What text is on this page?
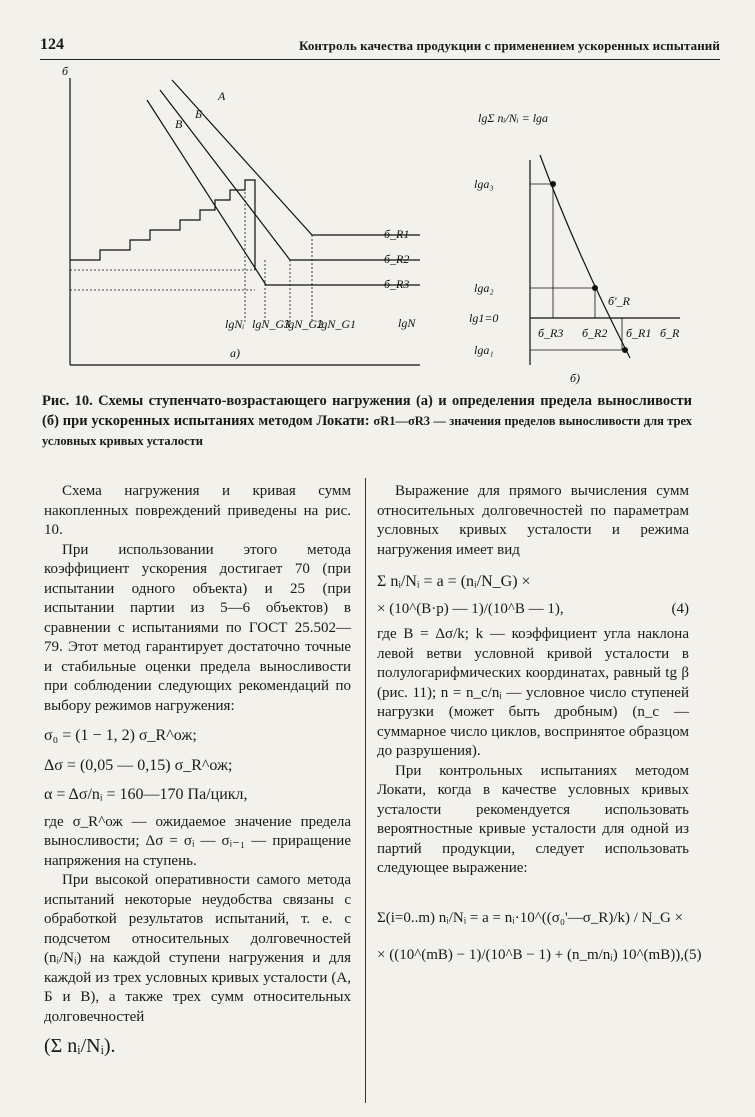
124	Контроль качества продукции с применением ускоренных испытаний
б
lgN
A
Б
В
б_R1
б_R2
б_R3
lgNᵢ lgN_G3
lgN_G2
lgN_G1
а)
lgΣ nᵢ/Nᵢ = lga
lga₃
lga₂
lg1=0
lga₁
б_R3 б_R2 б_R1 б_R
б'_R
б)
Рис. 10. Схемы ступенчато-возрастающего нагружения (а) и определения предела выносливости (б) при ускоренных испытаниях методом Локати: σR1—σR3 — значения пределов выносливости для трех условных кривых усталости

Схема нагружения и кривая сумм накопленных повреждений приведены на рис. 10.

При использовании этого метода коэффициент ускорения достигает 70 (при испытании одного объекта) и 25 (при испытании партии из 5—6 объектов) в сравнении с испытаниями по ГОСТ 25.502—79. Этот метод гарантирует достаточно точные и стабильные оценки предела выносливости при соблюдении следующих рекомендаций по выбору режимов нагружения:

σ₀ = (1 − 1, 2) σ_R^ож;
Δσ = (0,05 — 0,15) σ_R^ож;
α = Δσ/nᵢ = 160—170 Па/цикл,

где σ_R^ож — ожидаемое значение предела выносливости; Δσ = σᵢ — σᵢ₋₁ — приращение напряжения на ступень.

При высокой оперативности самого метода испытаний некоторые неудобства связаны с обработкой результатов испытаний, т. е. с подсчетом относительных долговечностей (nᵢ/Nᵢ) на каждой ступени нагружения и для каждой из трех условных кривых усталости (А, Б и В), а также трех сумм относительных долговечностей

(Σ nᵢ/Nᵢ).

Выражение для прямого вычисления сумм относительных долговечностей по параметрам условных кривых усталости и режима нагружения имеет вид

Σ nᵢ/Nᵢ = a = (nᵢ/N_G) ×
× (10^(B·p) — 1)/(10^B — 1),	(4)

где B = Δσ/k; k — коэффициент угла наклона левой ветви условной кривой усталости в полулогарифмических координатах, равный tg β (рис. 11); n = n_c/nᵢ — условное число ступеней нагрузки (может быть дробным) (n_c — суммарное число циклов, воспринятое образцом до разрушения).

При контрольных испытаниях методом Локати, когда в качестве условных кривых усталости рекомендуется использовать вероятностные кривые усталости для одной из партий продукции, следует использовать следующее выражение:

Σ(i=0..m) nᵢ/Nᵢ = a = nᵢ·10^((σ₀'—σ_R)/k) / N_G ×
× ((10^(mB) − 1)/(10^B − 1) + (n_m/nᵢ) 10^(mB)), (5)
